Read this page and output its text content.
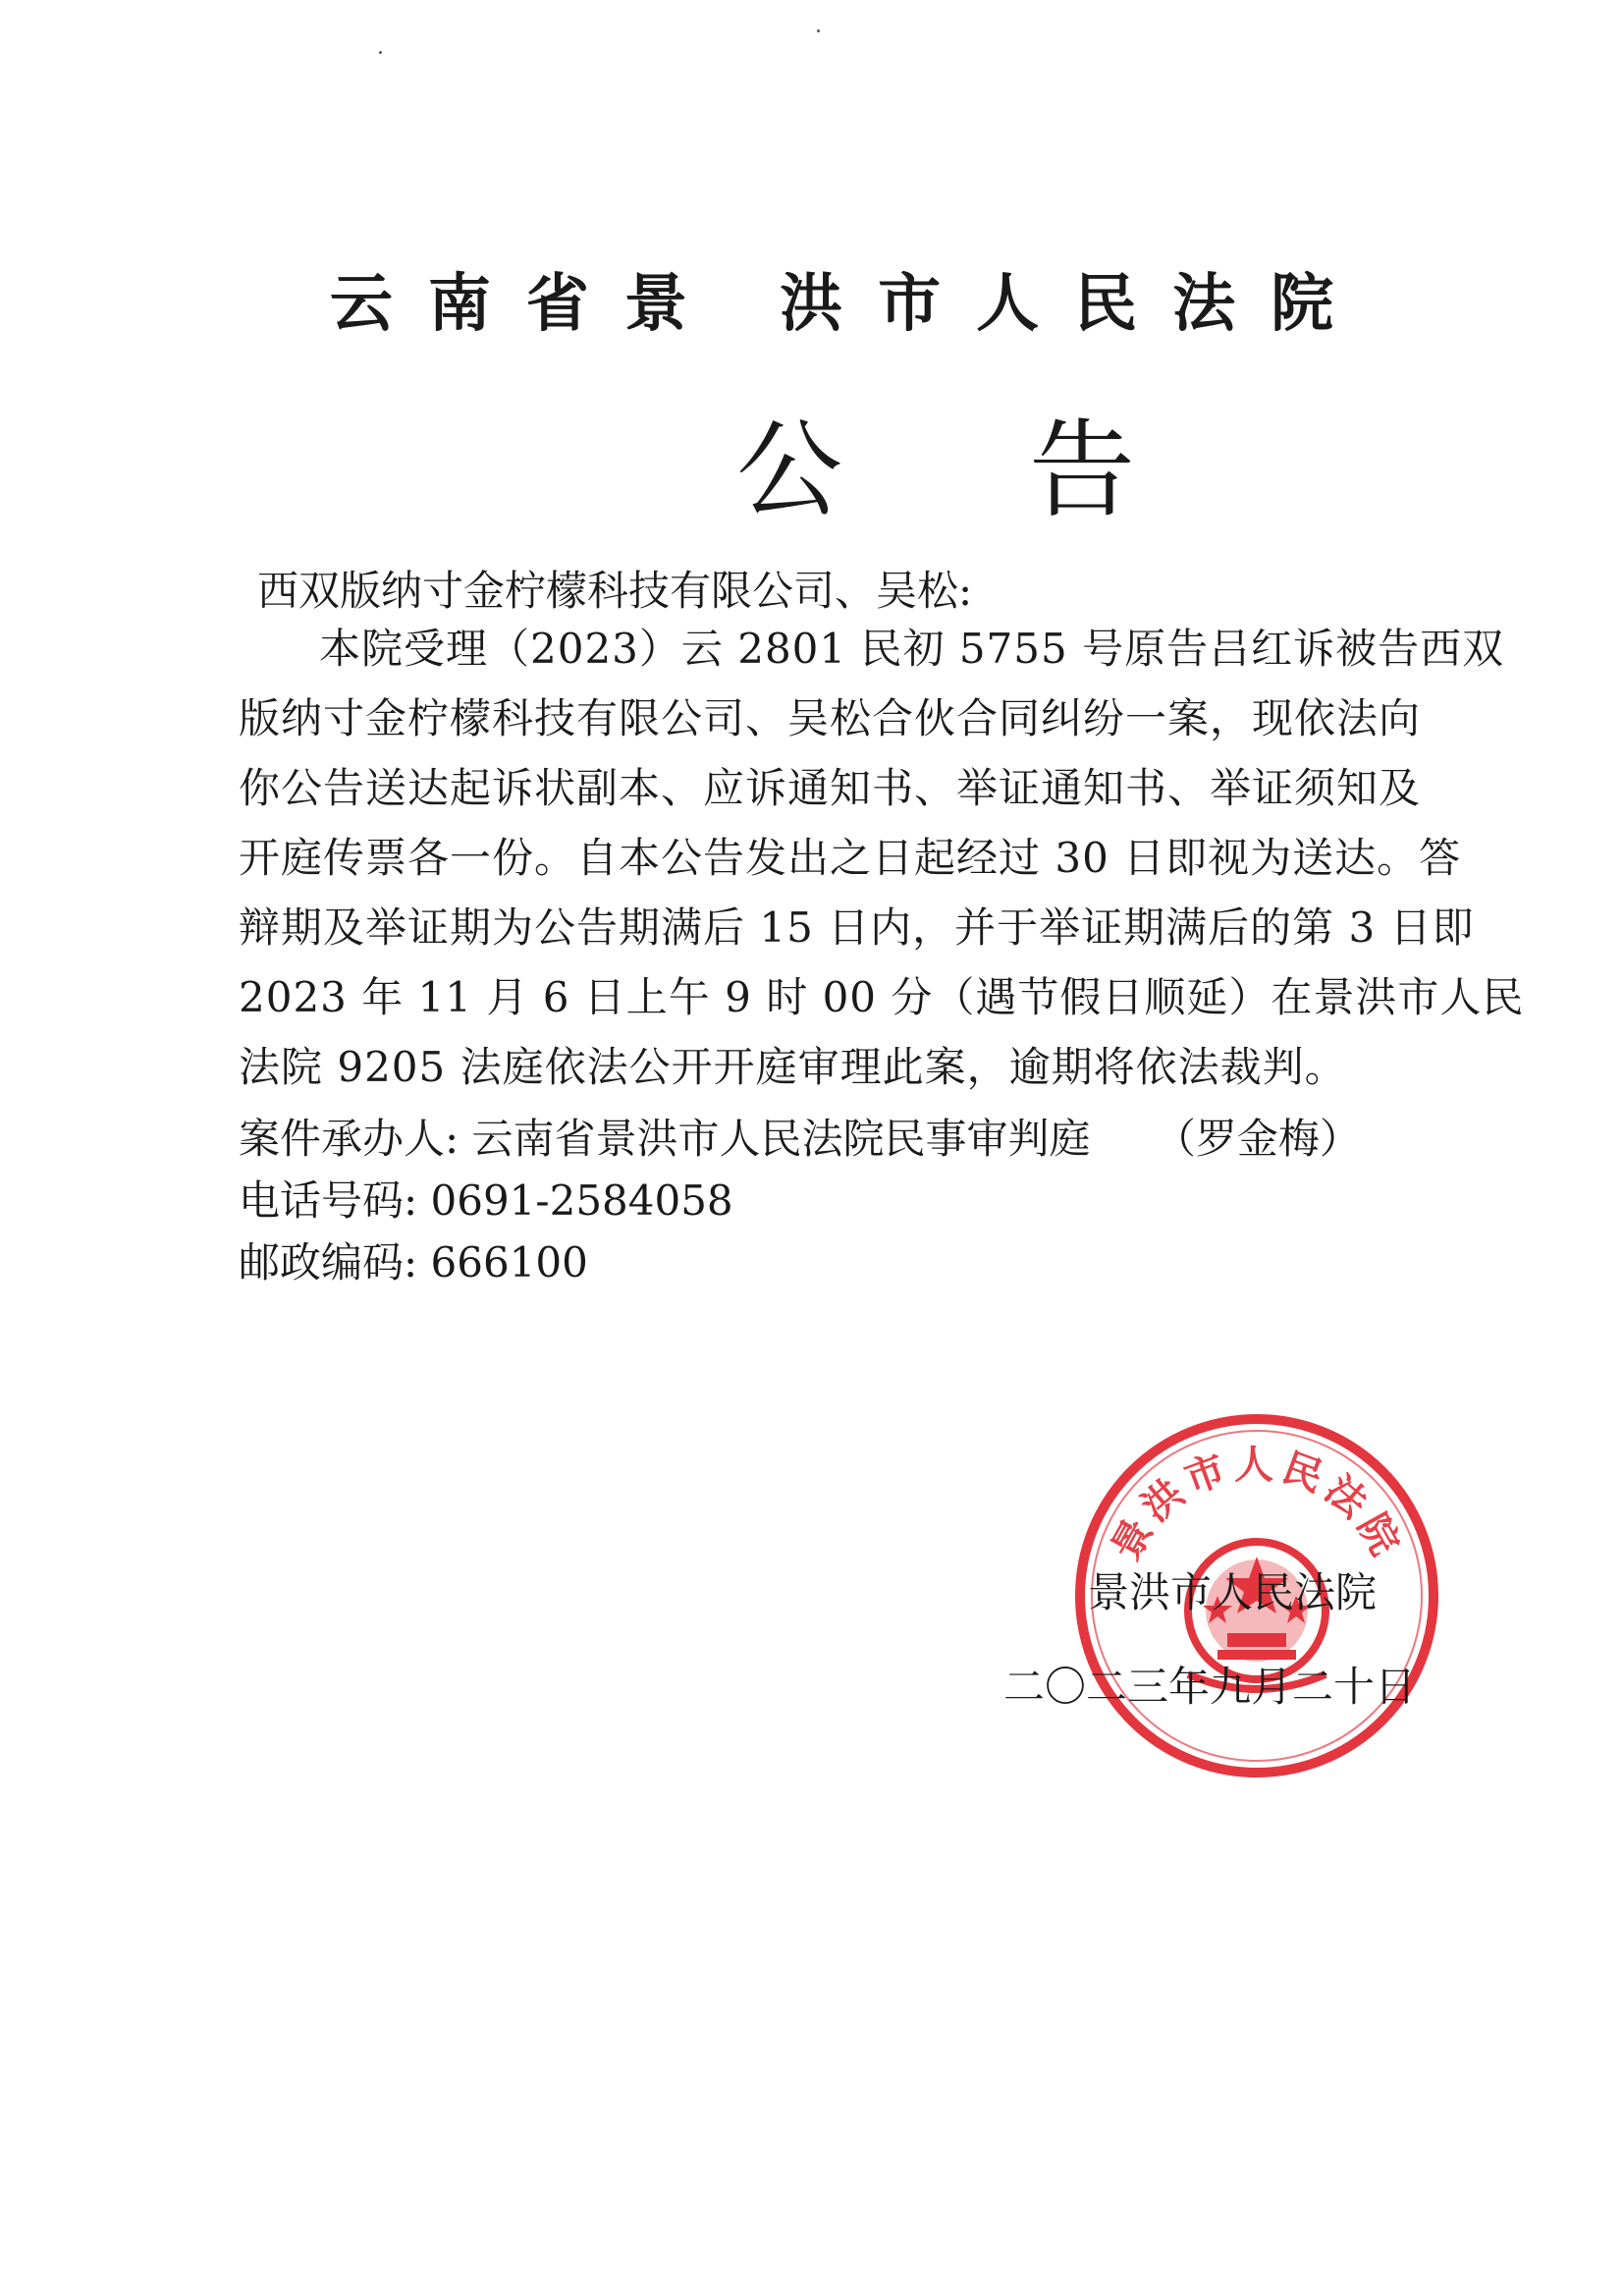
云南省景 洪市人民法院
公告
西双版纳寸金柠檬科技有限公司、吴松:
本院受理（2023）云 2801 民初 5755 号原告吕红诉被告西双
版纳寸金柠檬科技有限公司、吴松合伙合同纠纷一案，现依法向
你公告送达起诉状副本、应诉通知书、举证通知书、举证须知及
开庭传票各一份。自本公告发出之日起经过 30 日即视为送达。答
辩期及举证期为公告期满后 15 日内，并于举证期满后的第 3 日即
2023 年 11 月 6 日上午 9 时 00 分（遇节假日顺延）在景洪市人民
法院 9205 法庭依法公开开庭审理此案，逾期将依法裁判。
案件承办人: 云南省景洪市人民法院民事审判庭 （罗金梅）
电话号码: 0691-2584058
邮政编码: 666100
景洪市人民法院
景洪市人民法院
二〇二三年九月二十日
